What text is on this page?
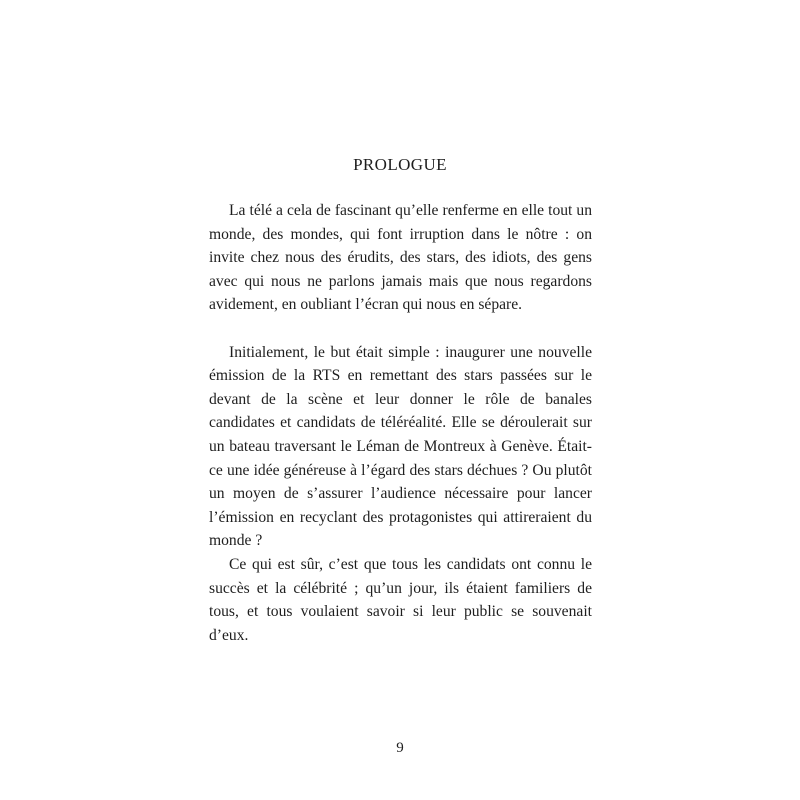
PROLOGUE

La télé a cela de fascinant qu’elle renferme en elle tout un monde, des mondes, qui font irruption dans le nôtre : on invite chez nous des érudits, des stars, des idiots, des gens avec qui nous ne parlons jamais mais que nous regardons avidement, en oubliant l’écran qui nous en sépare.

Initialement, le but était simple : inaugurer une nouvelle émission de la RTS en remettant des stars passées sur le devant de la scène et leur donner le rôle de banales candidates et candidats de téléréalité. Elle se déroulerait sur un bateau traversant le Léman de Montreux à Genève. Était-ce une idée généreuse à l’égard des stars déchues ? Ou plutôt un moyen de s’assurer l’audience nécessaire pour lancer l’émission en recyclant des protagonistes qui attireraient du monde ?

Ce qui est sûr, c’est que tous les candidats ont connu le succès et la célébrité ; qu’un jour, ils étaient familiers de tous, et tous voulaient savoir si leur public se souvenait d’eux.

9
